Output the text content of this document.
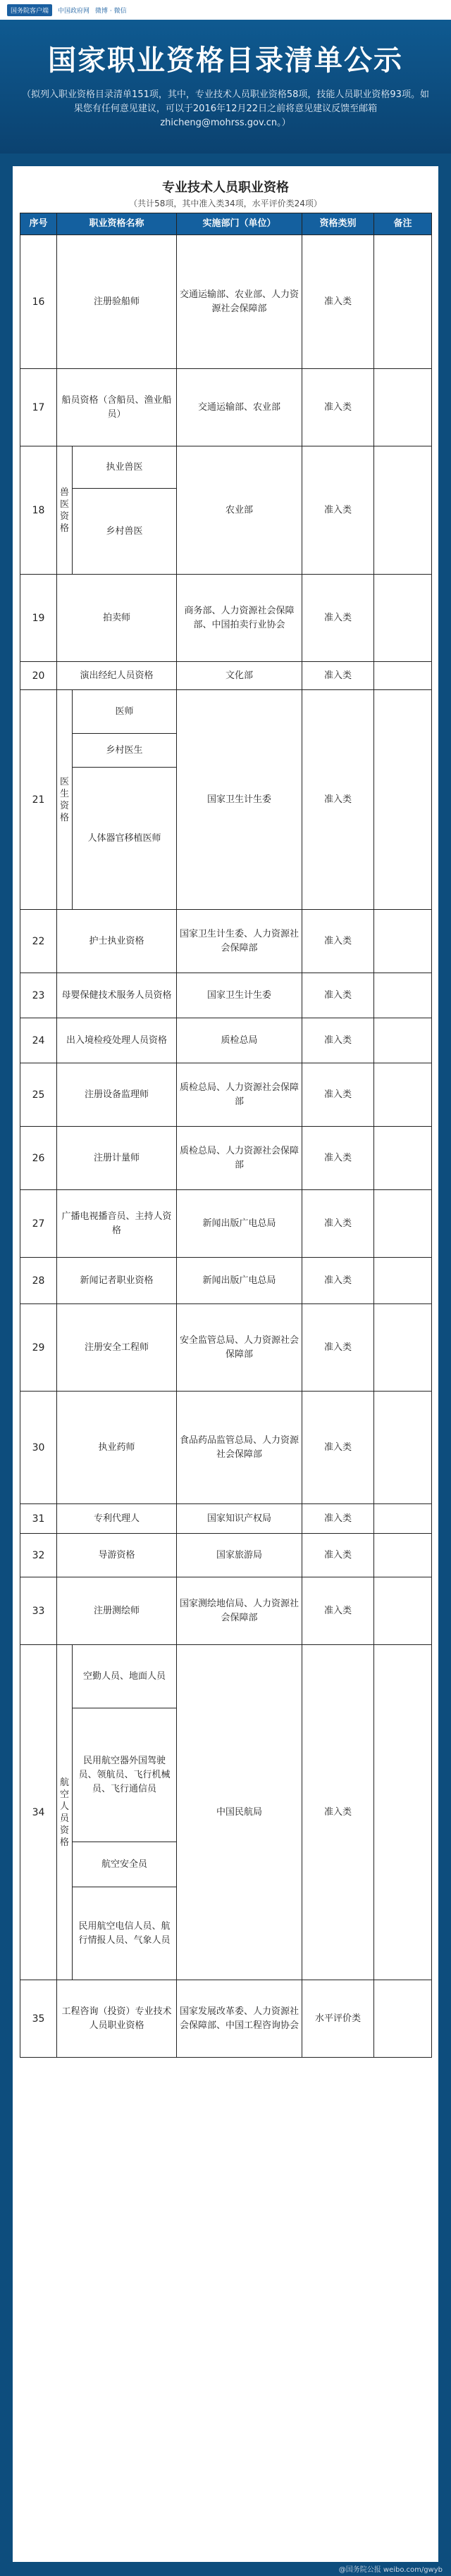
国务院客户端	中国政府网 微博 · 微信
国家职业资格目录清单公示
（拟列入职业资格目录清单151项，其中，专业技术人员职业资格58项，技能人员职业资格93项。如果您有任何意见建议，可以于2016年12月22日之前将意见建议反馈至邮箱zhicheng@mohrss.gov.cn。）
专业技术人员职业资格
（共计58项，其中准入类34项，水平评价类24项）
序号	职业资格名称		实施部门（单位）	资格类别	备注
16	注册验船师		交通运输部、农业部、人力资源社会保障部	准入类	
17	船员资格（含船员、渔业船员）		交通运输部、农业部	准入类	
18	兽医资格	执业兽医	农业部	准入类	
		乡村兽医			
19	拍卖师		商务部、人力资源社会保障部、中国拍卖行业协会	准入类	
20	演出经纪人员资格		文化部	准入类	
21	医生资格	医师	国家卫生计生委	准入类	
		乡村医生			
		人体器官移植医师			
22	护士执业资格		国家卫生计生委、人力资源社会保障部	准入类	
23	母婴保健技术服务人员资格		国家卫生计生委	准入类	
24	出入境检疫处理人员资格		质检总局	准入类	
25	注册设备监理师		质检总局、人力资源社会保障部	准入类	
26	注册计量师		质检总局、人力资源社会保障部	准入类	
27	广播电视播音员、主持人资格		新闻出版广电总局	准入类	
28	新闻记者职业资格		新闻出版广电总局	准入类	
29	注册安全工程师		安全监管总局、人力资源社会保障部	准入类	
30	执业药师		食品药品监管总局、人力资源社会保障部	准入类	
31	专利代理人		国家知识产权局	准入类	
32	导游资格		国家旅游局	准入类	
33	注册测绘师		国家测绘地信局、人力资源社会保障部	准入类	
34	航空人员资格	空勤人员、地面人员	中国民航局	准入类	
		民用航空器外国驾驶员、领航员、飞行机械员、飞行通信员			
		航空安全员			
		民用航空电信人员、航行情报人员、气象人员			
35	工程咨询（投资）专业技术人员职业资格		国家发展改革委、人力资源社会保障部、中国工程咨询协会	水平评价类	
@国务院公报 weibo.com/gwyb
